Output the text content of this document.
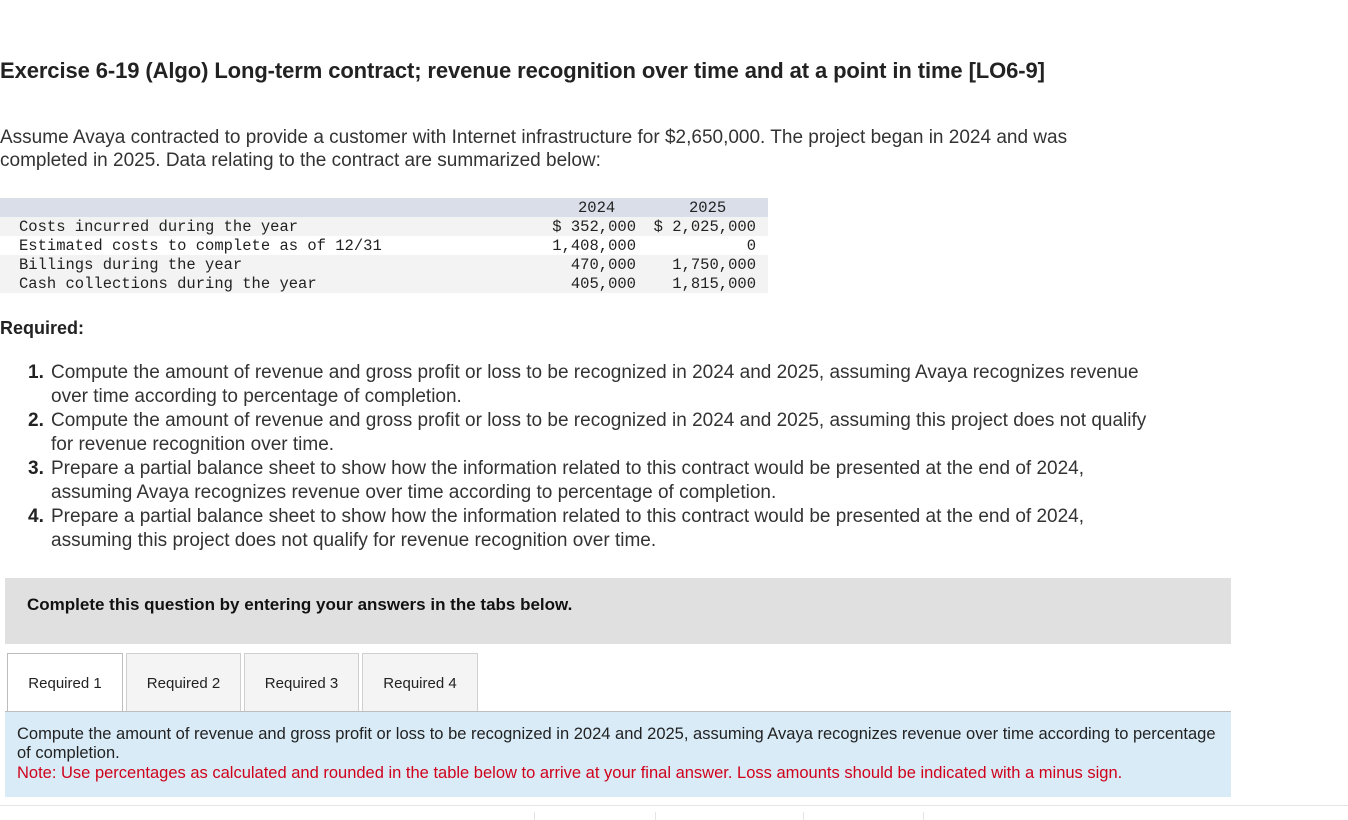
Exercise 6-19 (Algo) Long-term contract; revenue recognition over time and at a point in time [LO6-9]

Assume Avaya contracted to provide a customer with Internet infrastructure for $2,650,000. The project began in 2024 and was completed in 2025. Data relating to the contract are summarized below:

2024	2025
Costs incurred during the year	$ 352,000 $ 2,025,000
Estimated costs to complete as of 12/31	1,408,000	0
Billings during the year	470,000 1,750,000
Cash collections during the year	405,000 1,815,000
Required:
1. Compute the amount of revenue and gross profit or loss to be recognized in 2024 and 2025, assuming Avaya recognizes revenue over time according to percentage of completion.
2. Compute the amount of revenue and gross profit or loss to be recognized in 2024 and 2025, assuming this project does not qualify for revenue recognition over time.
3. Prepare a partial balance sheet to show how the information related to this contract would be presented at the end of 2024, assuming Avaya recognizes revenue over time according to percentage of completion.
4. Prepare a partial balance sheet to show how the information related to this contract would be presented at the end of 2024, assuming this project does not qualify for revenue recognition over time.
Complete this question by entering your answers in the tabs below.
Required 1	Required 2	Required 3	Required 4
Compute the amount of revenue and gross profit or loss to be recognized in 2024 and 2025, assuming Avaya recognizes revenue over time according to percentage of completion.
Note: Use percentages as calculated and rounded in the table below to arrive at your final answer. Loss amounts should be indicated with a minus sign.
